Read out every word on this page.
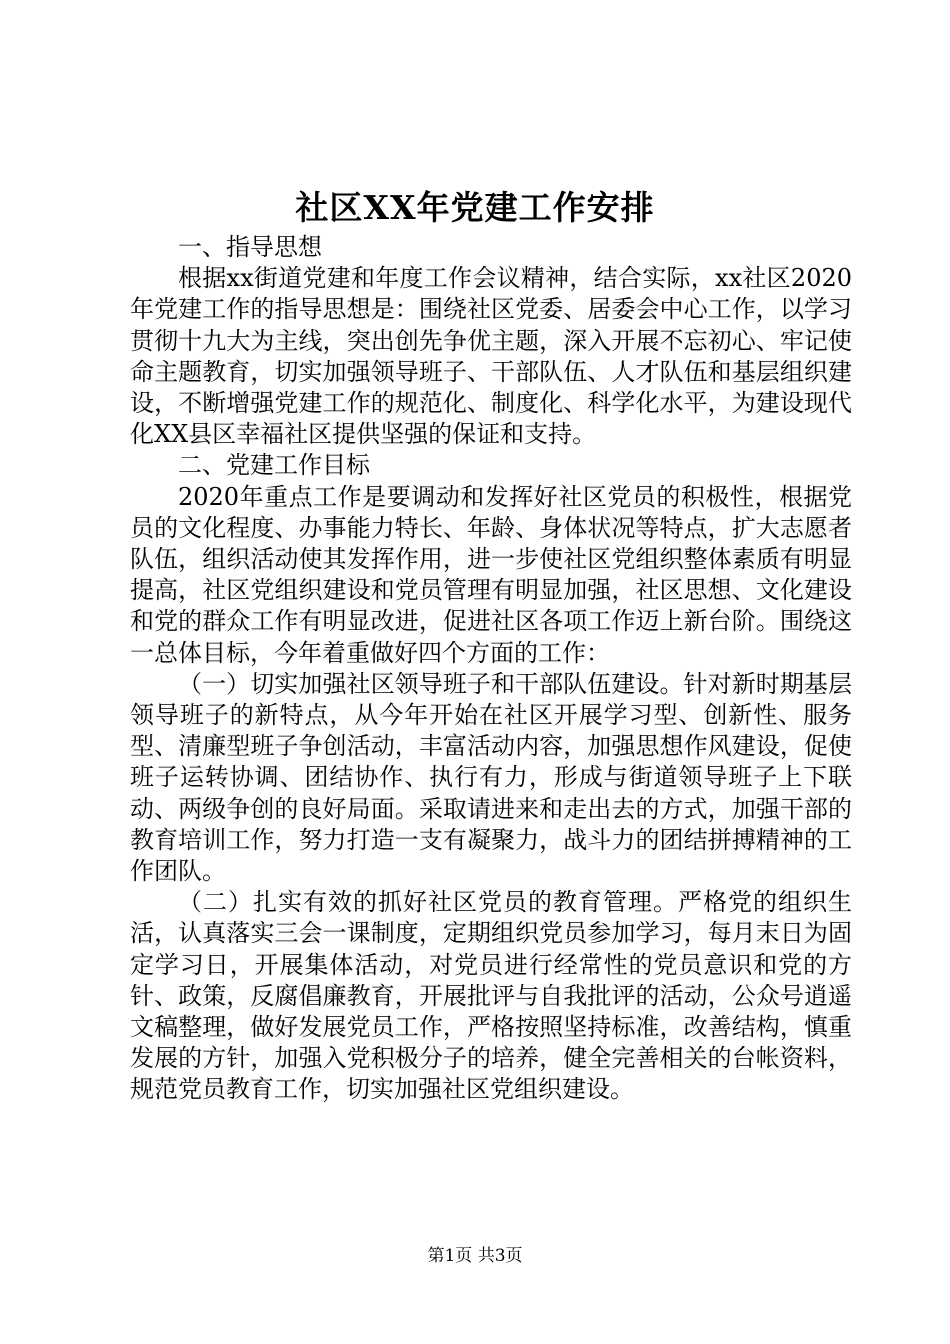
社区XX年党建工作安排

一、指导思想

根据xx街道党建和年度工作会议精神，结合实际，xx社区2020年党建工作的指导思想是：围绕社区党委、居委会中心工作，以学习贯彻十九大为主线，突出创先争优主题，深入开展不忘初心、牢记使命主题教育，切实加强领导班子、干部队伍、人才队伍和基层组织建设，不断增强党建工作的规范化、制度化、科学化水平，为建设现代化XX县区幸福社区提供坚强的保证和支持。

二、党建工作目标

2020年重点工作是要调动和发挥好社区党员的积极性，根据党员的文化程度、办事能力特长、年龄、身体状况等特点，扩大志愿者队伍，组织活动使其发挥作用，进一步使社区党组织整体素质有明显提高，社区党组织建设和党员管理有明显加强，社区思想、文化建设和党的群众工作有明显改进，促进社区各项工作迈上新台阶。围绕这一总体目标，今年着重做好四个方面的工作：

（一）切实加强社区领导班子和干部队伍建设。针对新时期基层领导班子的新特点，从今年开始在社区开展学习型、创新性、服务型、清廉型班子争创活动，丰富活动内容，加强思想作风建设，促使班子运转协调、团结协作、执行有力，形成与街道领导班子上下联动、两级争创的良好局面。采取请进来和走出去的方式，加强干部的教育培训工作，努力打造一支有凝聚力，战斗力的团结拼搏精神的工作团队。

（二）扎实有效的抓好社区党员的教育管理。严格党的组织生活，认真落实三会一课制度，定期组织党员参加学习，每月末日为固定学习日，开展集体活动，对党员进行经常性的党员意识和党的方针、政策，反腐倡廉教育，开展批评与自我批评的活动，公众号逍遥文稿整理，做好发展党员工作，严格按照坚持标准，改善结构，慎重发展的方针，加强入党积极分子的培养，健全完善相关的台帐资料，规范党员教育工作，切实加强社区党组织建设。

第1页 共3页
